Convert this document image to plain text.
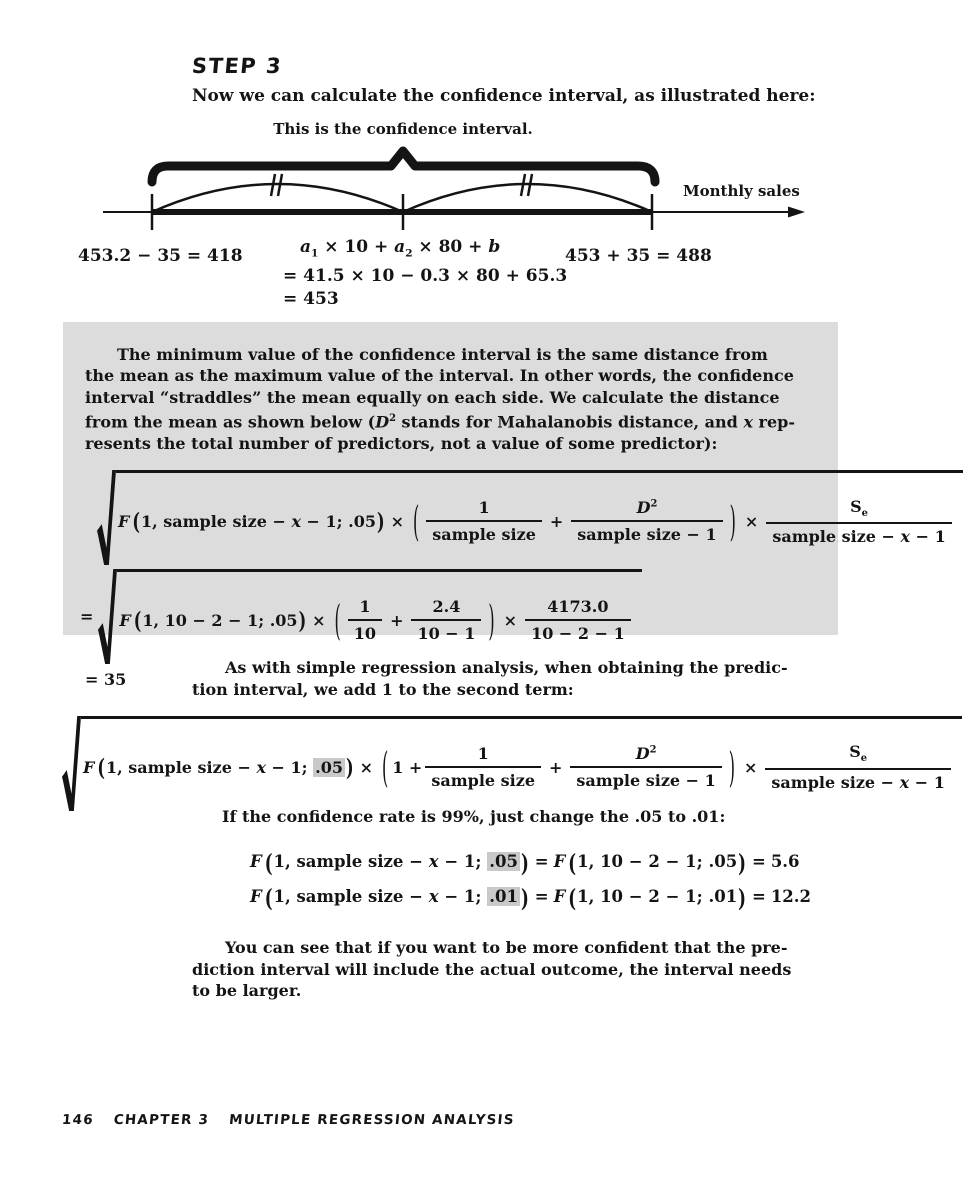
STEP 3
Now we can calculate the confidence interval, as illustrated here:
This is the confidence interval.
Monthly sales
453.2 − 35 = 418	$a_1 \times 10 + a_2 \times 80 + b$
= 41.5 × 10 − 0.3 × 80 + 65.3
= 453
453 + 35 = 488
The minimum value of the confidence interval is the same distance from
the mean as the maximum value of the interval. In other words, the confidence
interval “straddles” the mean equally on each side. We calculate the distance
from the mean as shown below ($D^2$ stands for Mahalanobis distance, and x rep-
resents the total number of predictors, not a value of some predictor):
F ( 1, sample size − x − 1; .05 ) × ( $\frac{1}{\text{sample size}} + \frac{D^2}{\text{sample size − 1}}$ ) × $\frac{S_e}{\text{sample size − x − 1}}$
= F ( 1, 10 − 2 − 1; .05 ) × ( $\frac{1}{10} + \frac{2.4}{10 - 1}$ ) × $\frac{4173.0}{10 - 2 - 1}$
= 35
As with simple regression analysis, when obtaining the predic-
tion interval, we add 1 to the second term:
F ( 1, sample size − x − 1; .05 ) × ( $1 + \frac{1}{\text{sample size}} + \frac{D^2}{\text{sample size − 1}}$ ) × $\frac{S_e}{\text{sample size − x − 1}}$
If the confidence rate is 99%, just change the .05 to .01:
F (1, sample size − x − 1; .05 ) = F (1, 10 − 2 − 1; .05) = 5.6
F (1, sample size − x − 1; .01 ) = F (1, 10 − 2 − 1; .01) = 12.2
You can see that if you want to be more confident that the pre-
diction interval will include the actual outcome, the interval needs
to be larger.
146 CHAPTER 3 MULTIPLE REGRESSION ANALYSIS
